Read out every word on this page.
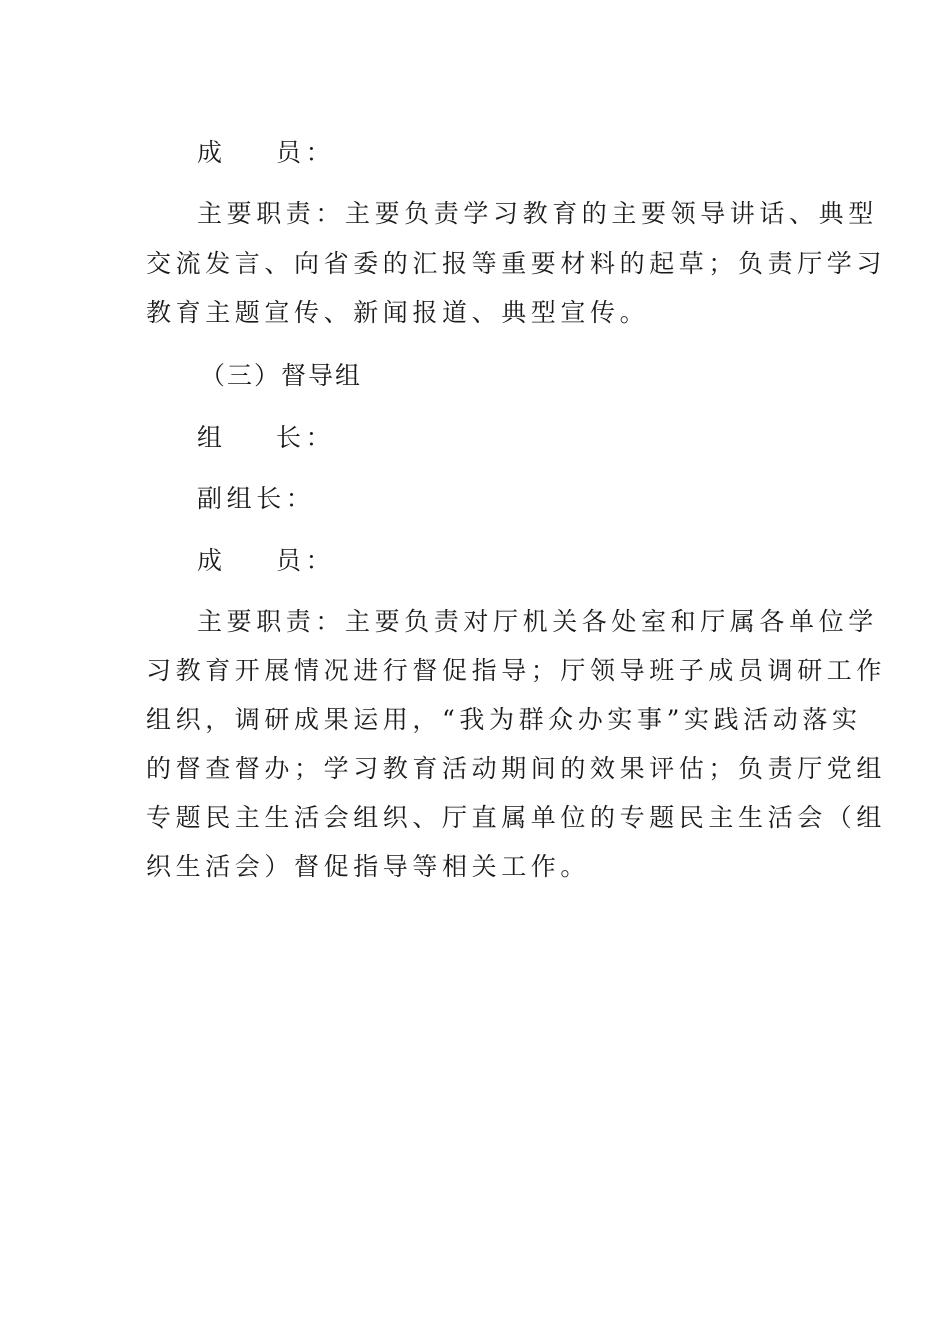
成 员：
主要职责：主要负责学习教育的主要领导讲话、典型
交流发言、向省委的汇报等重要材料的起草；负责厅学习
教育主题宣传、新闻报道、典型宣传。
（三）督导组
组 长：
副组长：
成 员：
主要职责：主要负责对厅机关各处室和厅属各单位学
习教育开展情况进行督促指导；厅领导班子成员调研工作
组织，调研成果运用，“我为群众办实事”实践活动落实
的督查督办；学习教育活动期间的效果评估；负责厅党组
专题民主生活会组织、厅直属单位的专题民主生活会（组
织生活会）督促指导等相关工作。
